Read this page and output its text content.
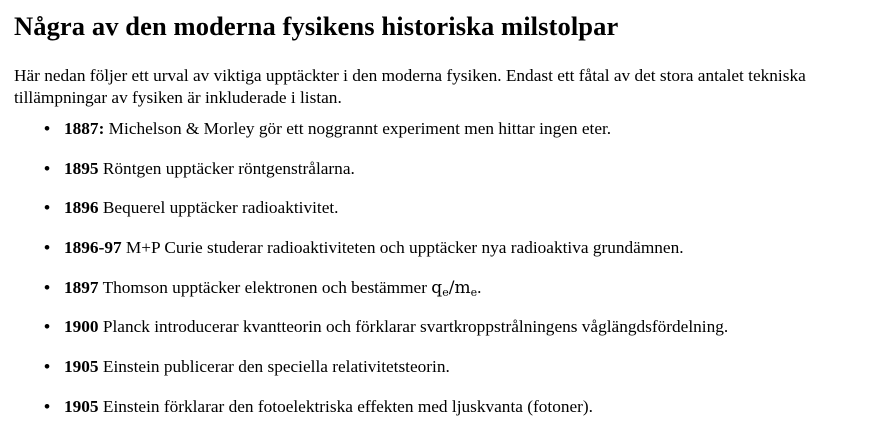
Några av den moderna fysikens historiska milstolpar

Här nedan följer ett urval av viktiga upptäckter i den moderna fysiken. Endast ett fåtal av det stora antalet tekniska tillämpningar av fysiken är inkluderade i listan.

• 1887: Michelson & Morley gör ett noggrannt experiment men hittar ingen eter.
• 1895 Röntgen upptäcker röntgenstrålarna.
• 1896 Bequerel upptäcker radioaktivitet.
• 1896-97 M+P Curie studerar radioaktiviteten och upptäcker nya radioaktiva grundämnen.
• 1897 Thomson upptäcker elektronen och bestämmer $q_e/m_e$.
• 1900 Planck introducerar kvantteorin och förklarar svartkroppstrålningens våglängdsfördelning.
• 1905 Einstein publicerar den speciella relativitetsteorin.
• 1905 Einstein förklarar den fotoelektriska effekten med ljuskvanta (fotoner).
